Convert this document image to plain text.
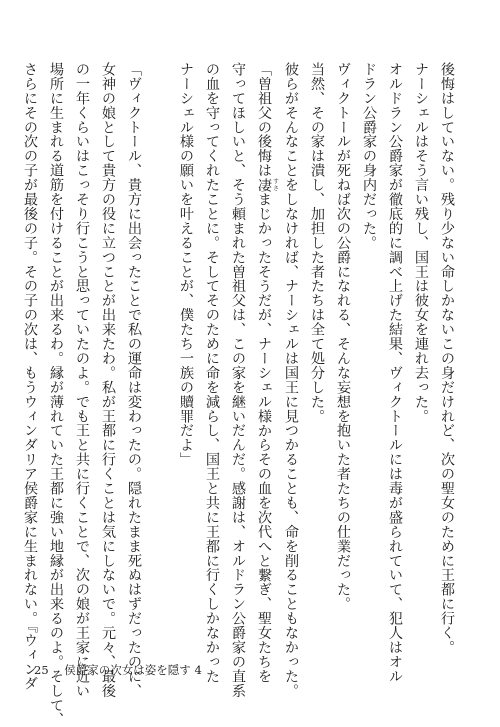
後悔はしていない。残り少ない命しかないこの身だけれど、次の聖女のために王都に行く。

ナーシェルはそう言い残し、国王は彼女を連れ去った。

オルドラン公爵家が徹底的に調べ上げた結果、ヴィクトールには毒が盛られていて、犯人はオル

ドラン公爵家の身内だった。

ヴィクトールが死ねば次の公爵になれる、そんな妄想を抱いた者たちの仕業だった。

当然、その家は潰し、加担した者たちは全て処分した。

彼らがそんなことをしなければ、ナーシェルは国王に見つかることも、命を削ることもなかった。

「曽祖父の後悔は凄 すさまじかったそうだが、ナーシェル様からその血を次代へと繋ぎ、聖女たちを

守ってほしいと、そう頼まれた曽祖父は、この家を継いだんだ。感謝は、オルドラン公爵家の直系

の血を守ってくれたことに。そしてそのために命を減らし、国王と共に王都に行くしかなかった

ナーシェル様の願いを叶えることが、僕たち一族の贖罪だよ」

「ヴィクトール、貴方に出会ったことで私の運命は変わったの。隠れたまま死ぬはずだったのに、

女神の娘として貴方の役に立つことが出来たわ。私が王都に行くことは気にしないで。元々、最後

の一年くらいはこっそり行こうと思っていたのよ。でも王と共に行くことで、次の娘が王家に近い

場所に生まれる道筋を付けることが出来るわ。縁が薄れていた王都に強い地縁が出来るのよ。そして、

さらにその次の子が最後の子。その子の次は、もうウィンダリア侯爵家に生まれない。『ウィンダ

25 侯爵家の次女は姿を隠す 4
